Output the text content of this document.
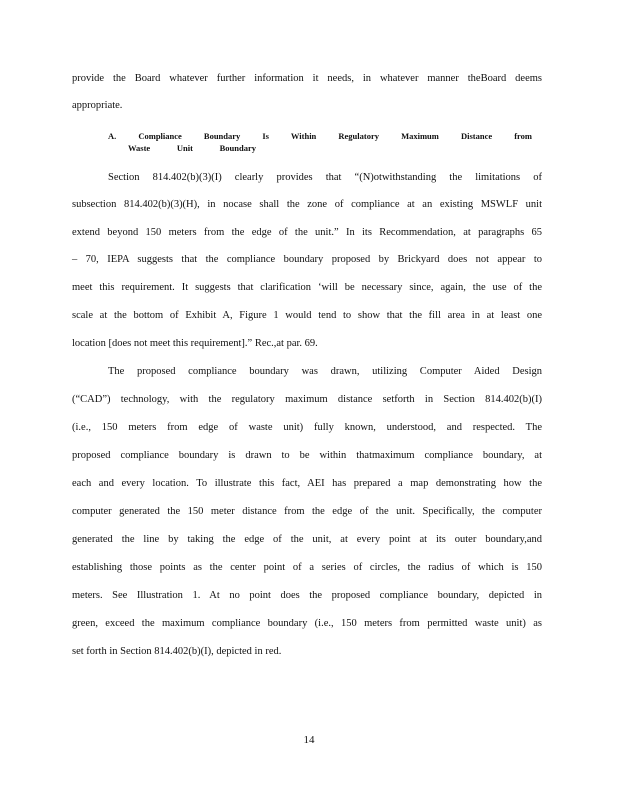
provide the Board whatever further information it needs, in whatever manner theBoard deems
appropriate.
A. Compliance Boundary Is Within Regulatory Maximum Distance from
Waste Unit Boundary
Section 814.402(b)(3)(I) clearly provides that “(N)otwithstanding the limitations of
subsection 814.402(b)(3)(H), in nocase shall the zone of compliance at an existing MSWLF unit
extend beyond 150 meters from the edge of the unit.” In its Recommendation, at paragraphs 65
– 70, IEPA suggests that the compliance boundary proposed by Brickyard does not appear to
meet this requirement. It suggests that clarification ‘will be necessary since, again, the use of the
scale at the bottom of Exhibit A, Figure 1 would tend to show that the fill area in at least one
location [does not meet this requirement].” Rec.,at par. 69.
The proposed compliance boundary was drawn, utilizing Computer Aided Design
(“CAD”) technology, with the regulatory maximum distance setforth in Section 814.402(b)(I)
(i.e., 150 meters from edge of waste unit) fully known, understood, and respected. The
proposed compliance boundary is drawn to be within thatmaximum compliance boundary, at
each and every location. To illustrate this fact, AEI has prepared a map demonstrating how the
computer generated the 150 meter distance from the edge of the unit. Specifically, the computer
generated the line by taking the edge of the unit, at every point at its outer boundary,and
establishing those points as the center point of a series of circles, the radius of which is 150
meters. See Illustration 1. At no point does the proposed compliance boundary, depicted in
green, exceed the maximum compliance boundary (i.e., 150 meters from permitted waste unit) as
set forth in Section 814.402(b)(I), depicted in red.
14
